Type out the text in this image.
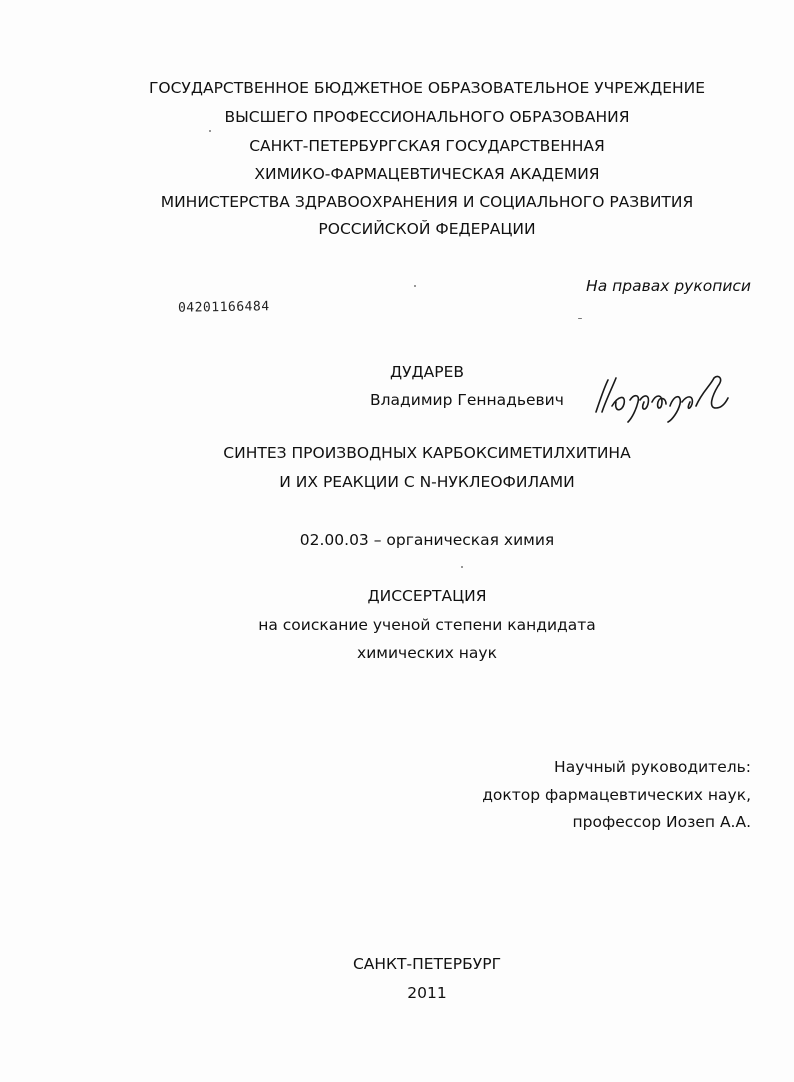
ГОСУДАРСТВЕННОЕ БЮДЖЕТНОЕ ОБРАЗОВАТЕЛЬНОЕ УЧРЕЖДЕНИЕ
ВЫСШЕГО ПРОФЕССИОНАЛЬНОГО ОБРАЗОВАНИЯ
САНКТ-ПЕТЕРБУРГСКАЯ ГОСУДАРСТВЕННАЯ
ХИМИКО-ФАРМАЦЕВТИЧЕСКАЯ АКАДЕМИЯ
МИНИСТЕРСТВА ЗДРАВООХРАНЕНИЯ И СОЦИАЛЬНОГО РАЗВИТИЯ
РОССИЙСКОЙ ФЕДЕРАЦИИ
На правах рукописи
04201166484
ДУДАРЕВ
Владимир Геннадьевич
СИНТЕЗ ПРОИЗВОДНЫХ КАРБОКСИМЕТИЛХИТИНА
И ИХ РЕАКЦИИ С N-НУКЛЕОФИЛАМИ
02.00.03 – органическая химия
ДИССЕРТАЦИЯ
на соискание ученой степени кандидата
химических наук
Научный руководитель:
доктор фармацевтических наук,
профессор Иозеп А.А.
САНКТ-ПЕТЕРБУРГ
2011
